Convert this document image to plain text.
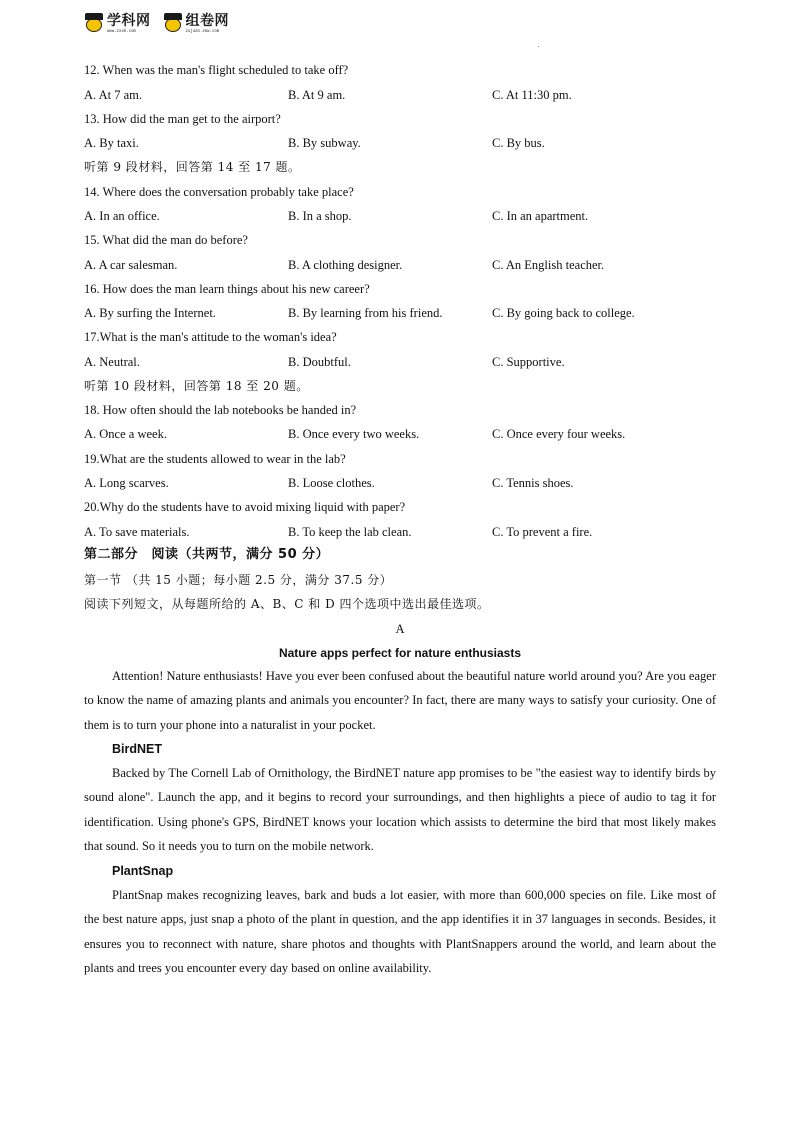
学科网
www.zxxk.com
组卷网
zujuan.xkw.com
12. When was the man's flight scheduled to take off?
A. At 7 am.	B. At 9 am.	C. At 11:30 pm.
13. How did the man get to the airport?
A. By taxi.	B. By subway.	C. By bus.
听第 9 段材料，回答第 14 至 17 题。
14. Where does the conversation probably take place?
A. In an office.	B. In a shop.	C. In an apartment.
15. What did the man do before?
A. A car salesman.	B. A clothing designer.	C. An English teacher.
16. How does the man learn things about his new career?
A. By surfing the Internet.	B. By learning from his friend.	C. By going back to college.
17.What is the man's attitude to the woman's idea?
A. Neutral.	B. Doubtful.	C. Supportive.
听第 10 段材料，回答第 18 至 20 题。
18. How often should the lab notebooks be handed in?
A. Once a week.	B. Once every two weeks.	C. Once every four weeks.
19.What are the students allowed to wear in the lab?
A. Long scarves.	B. Loose clothes.	C. Tennis shoes.
20.Why do the students have to avoid mixing liquid with paper?
A. To save materials.	B. To keep the lab clean.	C. To prevent a fire.
第二部分　阅读（共两节，满分 50 分）
第一节 （共 15 小题；每小题 2.5 分，满分 37.5 分）
阅读下列短文，从每题所给的 A、B、C 和 D 四个选项中选出最佳选项。
A
Nature apps perfect for nature enthusiasts
Attention! Nature enthusiasts! Have you ever been confused about the beautiful nature world around you? Are you eager to know the name of amazing plants and animals you encounter? In fact, there are many ways to satisfy your curiosity. One of them is to turn your phone into a naturalist in your pocket.
BirdNET
Backed by The Cornell Lab of Ornithology, the BirdNET nature app promises to be "the easiest way to identify birds by sound alone". Launch the app, and it begins to record your surroundings, and then highlights a piece of audio to tag it for identification. Using phone's GPS, BirdNET knows your location which assists to determine the bird that most likely makes that sound. So it needs you to turn on the mobile network.
PlantSnap
PlantSnap makes recognizing leaves, bark and buds a lot easier, with more than 600,000 species on file. Like most of the best nature apps, just snap a photo of the plant in question, and the app identifies it in 37 languages in seconds. Besides, it ensures you to reconnect with nature, share photos and thoughts with PlantSnappers around the world, and learn about the plants and trees you encounter every day based on online availability.
